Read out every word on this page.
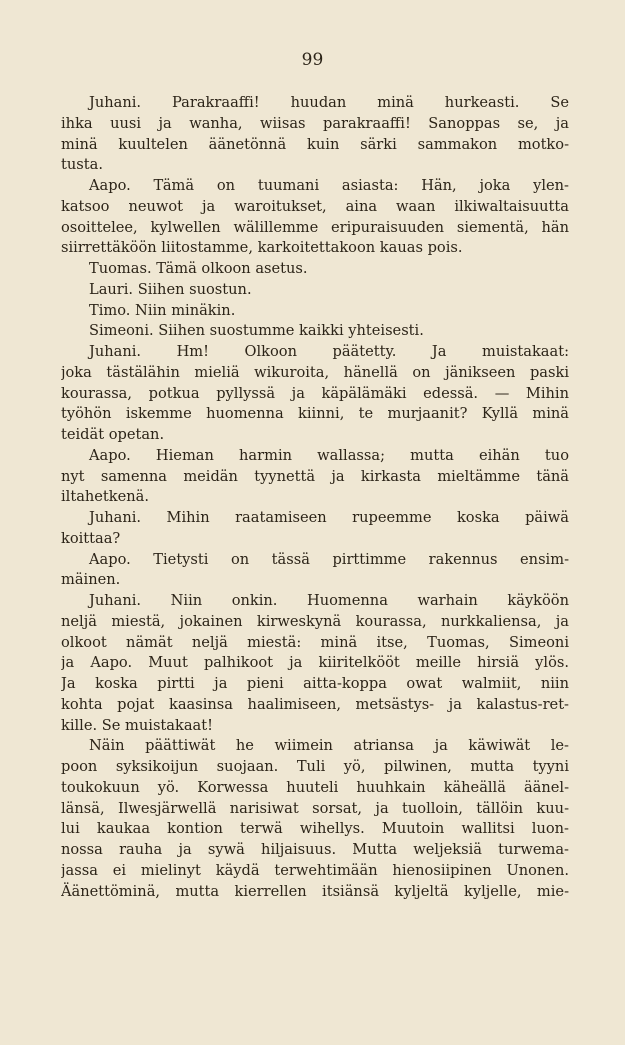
99
Juhani. Parakraaffi! huudan minä hurkeasti. Se
ihka uusi ja wanha, wiisas parakraaffi! Sanoppas se, ja
minä kuultelen äänetönnä kuin särki sammakon motko-
tusta.
Aapo. Tämä on tuumani asiasta: Hän, joka ylen-
katsoo neuwot ja waroitukset, aina waan ilkiwaltaisuutta
osoittelee, kylwellen wälillemme eripuraisuuden siementä, hän
siirrettäköön liitostamme, karkoitettakoon kauas pois.
Tuomas. Tämä olkoon asetus.
Lauri. Siihen suostun.
Timo. Niin minäkin.
Simeoni. Siihen suostumme kaikki yhteisesti.
Juhani. Hm! Olkoon päätetty. Ja muistakaat:
joka tästälähin mieliä wikuroita, hänellä on jänikseen paski
kourassa, potkua pyllyssä ja käpälämäki edessä. — Mihin
työhön iskemme huomenna kiinni, te murjaanit? Kyllä minä
teidät opetan.
Aapo. Hieman harmin wallassa; mutta eihän tuo
nyt samenna meidän tyynettä ja kirkasta mieltämme tänä
iltahetkenä.
Juhani. Mihin raatamiseen rupeemme koska päiwä
koittaa?
Aapo. Tietysti on tässä pirttimme rakennus ensim-
mäinen.
Juhani. Niin onkin. Huomenna warhain käyköön
neljä miestä, jokainen kirweskynä kourassa, nurkkaliensa, ja
olkoot nämät neljä miestä: minä itse, Tuomas, Simeoni
ja Aapo. Muut palhikoot ja kiiritelkööt meille hirsiä ylös.
Ja koska pirtti ja pieni aitta-koppa owat walmiit, niin
kohta pojat kaasinsa haalimiseen, metsästys- ja kalastus-ret-
kille. Se muistakaat!
Näin päättiwät he wiimein atriansa ja käwiwät le-
poon syksikoijun suojaan. Tuli yö, pilwinen, mutta tyyni
toukokuun yö. Korwessa huuteli huuhkain käheällä äänel-
länsä, Ilwesjärwellä narisiwat sorsat, ja tuolloin, tällöin kuu-
lui kaukaa kontion terwä wihellys. Muutoin wallitsi luon-
nossa rauha ja sywä hiljaisuus. Mutta weljeksiä turwema-
jassa ei mielinyt käydä terwehtimään hienosiipinen Unonen.
Äänettöminä, mutta kierrellen itsiänsä kyljeltä kyljelle, mie-
